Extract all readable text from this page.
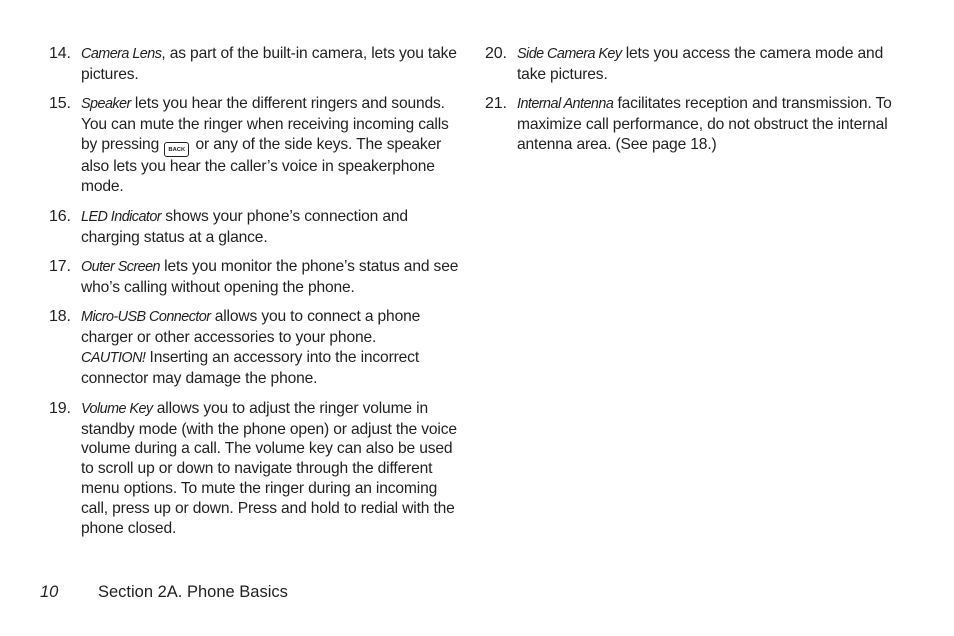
14. Camera Lens, as part of the built-in camera, lets you take pictures.
15. Speaker lets you hear the different ringers and sounds. You can mute the ringer when receiving incoming calls by pressing BACK or any of the side keys. The speaker also lets you hear the caller’s voice in speakerphone mode.
16. LED Indicator shows your phone’s connection and charging status at a glance.
17. Outer Screen lets you monitor the phone’s status and see who’s calling without opening the phone.
18. Micro-USB Connector allows you to connect a phone charger or other accessories to your phone.
CAUTION! Inserting an accessory into the incorrect connector may damage the phone.
19. Volume Key allows you to adjust the ringer volume in standby mode (with the phone open) or adjust the voice volume during a call. The volume key can also be used to scroll up or down to navigate through the different menu options. To mute the ringer during an incoming call, press up or down. Press and hold to redial with the phone closed.
20. Side Camera Key lets you access the camera mode and take pictures.
21. Internal Antenna facilitates reception and transmission. To maximize call performance, do not obstruct the internal antenna area. (See page 18.)
10 Section 2A. Phone Basics
